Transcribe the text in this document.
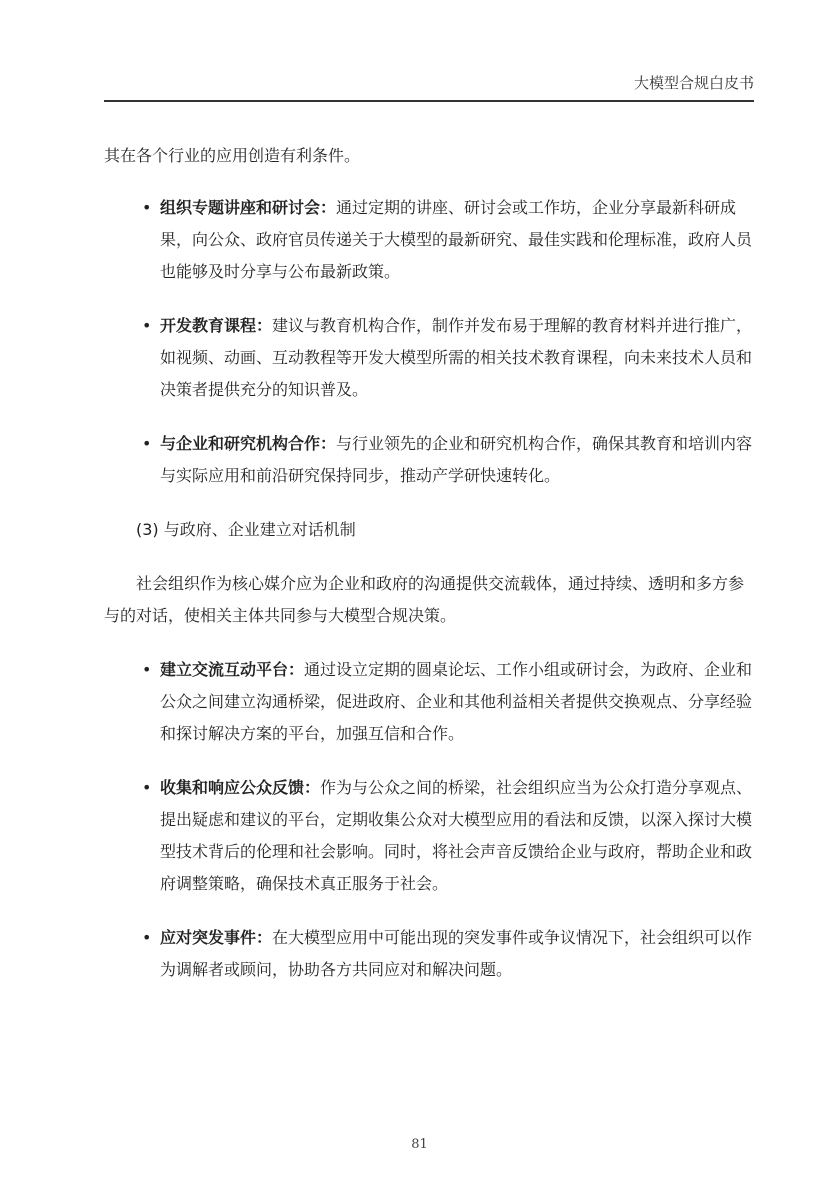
大模型合规白皮书

其在各个行业的应用创造有利条件。

• 组织专题讲座和研讨会：通过定期的讲座、研讨会或工作坊，企业分享最新科研成果，向公众、政府官员传递关于大模型的最新研究、最佳实践和伦理标准，政府人员也能够及时分享与公布最新政策。
• 开发教育课程：建议与教育机构合作，制作并发布易于理解的教育材料并进行推广，如视频、动画、互动教程等开发大模型所需的相关技术教育课程，向未来技术人员和决策者提供充分的知识普及。
• 与企业和研究机构合作：与行业领先的企业和研究机构合作，确保其教育和培训内容与实际应用和前沿研究保持同步，推动产学研快速转化。
(3) 与政府、企业建立对话机制

社会组织作为核心媒介应为企业和政府的沟通提供交流载体，通过持续、透明和多方参与的对话，使相关主体共同参与大模型合规决策。

• 建立交流互动平台：通过设立定期的圆桌论坛、工作小组或研讨会，为政府、企业和公众之间建立沟通桥梁，促进政府、企业和其他利益相关者提供交换观点、分享经验和探讨解决方案的平台，加强互信和合作。
• 收集和响应公众反馈：作为与公众之间的桥梁，社会组织应当为公众打造分享观点、提出疑虑和建议的平台，定期收集公众对大模型应用的看法和反馈，以深入探讨大模型技术背后的伦理和社会影响。同时，将社会声音反馈给企业与政府，帮助企业和政府调整策略，确保技术真正服务于社会。
• 应对突发事件：在大模型应用中可能出现的突发事件或争议情况下，社会组织可以作为调解者或顾问，协助各方共同应对和解决问题。
81
